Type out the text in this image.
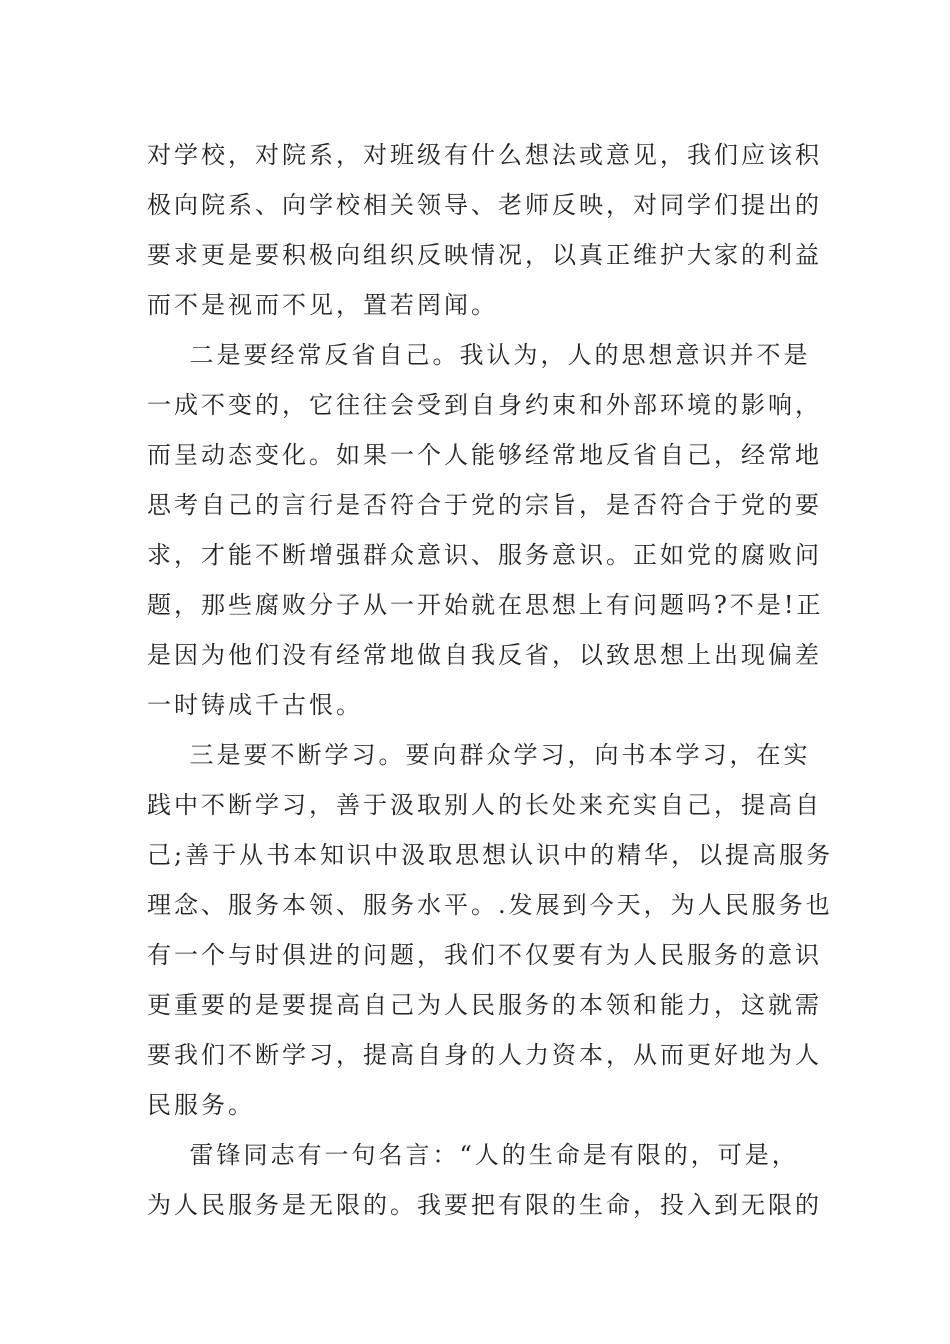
对学校，对院系，对班级有什么想法或意见，我们应该积
极向院系、向学校相关领导、老师反映，对同学们提出的
要求更是要积极向组织反映情况，以真正维护大家的利益
而不是视而不见，置若罔闻。
二是要经常反省自己。我认为，人的思想意识并不是
一成不变的，它往往会受到自身约束和外部环境的影响，
而呈动态变化。如果一个人能够经常地反省自己，经常地
思考自己的言行是否符合于党的宗旨，是否符合于党的要
求，才能不断增强群众意识、服务意识。正如党的腐败问
题，那些腐败分子从一开始就在思想上有问题吗?不是!正
是因为他们没有经常地做自我反省，以致思想上出现偏差
一时铸成千古恨。
三是要不断学习。要向群众学习，向书本学习，在实
践中不断学习，善于汲取别人的长处来充实自己，提高自
己;善于从书本知识中汲取思想认识中的精华，以提高服务
理念、服务本领、服务水平。.发展到今天，为人民服务也
有一个与时俱进的问题，我们不仅要有为人民服务的意识
更重要的是要提高自己为人民服务的本领和能力，这就需
要我们不断学习，提高自身的人力资本，从而更好地为人
民服务。
雷锋同志有一句名言：“人的生命是有限的，可是，
为人民服务是无限的。我要把有限的生命，投入到无限的
